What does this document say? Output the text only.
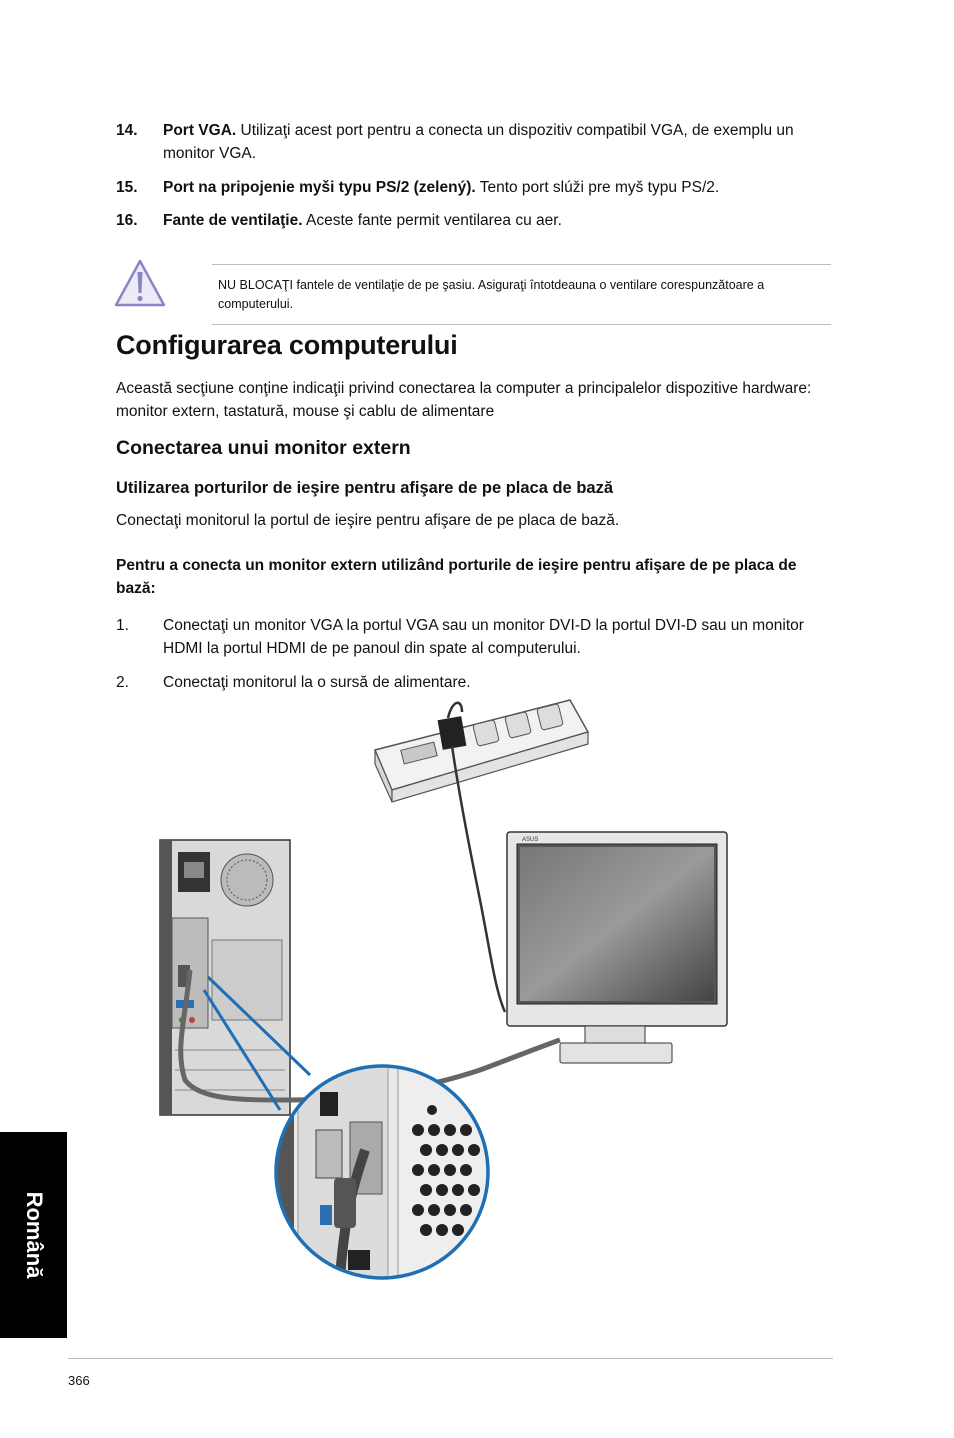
14. Port VGA. Utilizaţi acest port pentru a conecta un dispozitiv compatibil VGA, de exemplu un monitor VGA.
15. Port na pripojenie myši typu PS/2 (zelený). Tento port slúži pre myš typu PS/2.
16. Fante de ventilaţie. Aceste fante permit ventilarea cu aer.
NU BLOCAŢI fantele de ventilaţie de pe şasiu. Asiguraţi întotdeauna o ventilare corespunzătoare a computerului.
Configurarea computerului
Această secţiune conţine indicaţii privind conectarea la computer a principalelor dispozitive hardware: monitor extern, tastatură, mouse şi cablu de alimentare
Conectarea unui monitor extern
Utilizarea porturilor de ieşire pentru afişare de pe placa de bază
Conectaţi monitorul la portul de ieşire pentru afişare de pe placa de bază.
Pentru a conecta un monitor extern utilizând porturile de ieşire pentru afişare de pe placa de bază:
1. Conectaţi un monitor VGA la portul VGA sau un monitor DVI-D la portul DVI-D sau un monitor HDMI la portul HDMI de pe panoul din spate al computerului.
2. Conectaţi monitorul la o sursă de alimentare.
ASUS
Română
366
